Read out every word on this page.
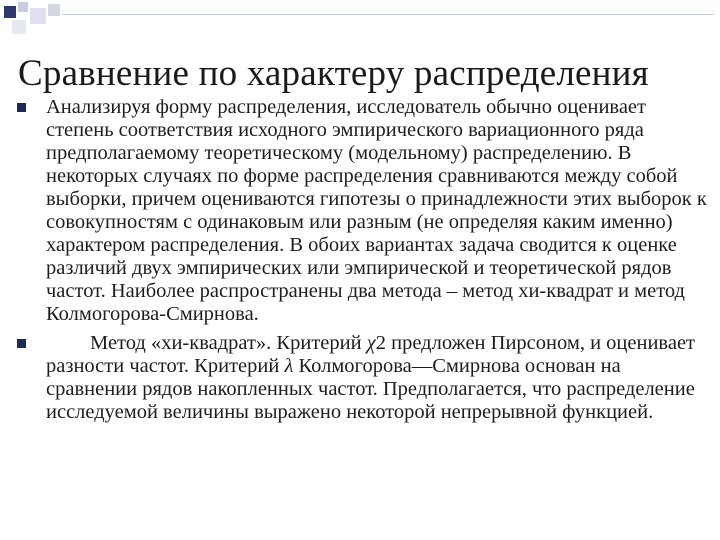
Сравнение по характеру распределения
Анализируя форму распределения, исследователь обычно оценивает степень соответствия исходного эмпирического вариационного ряда предполагаемому теоретическому (модельному) распределению. В некоторых случаях по форме распределения сравниваются между собой выборки, причем оцениваются гипотезы о принадлежности этих выборок к совокупностям с одинаковым или разным (не определяя каким именно) характером распределения. В обоих вариантах задача сводится к оценке различий двух эмпирических или эмпирической и теоретической рядов частот. Наиболее распространены два метода – метод хи-квадрат и метод Колмогорова-Смирнова.
Метод «хи-квадрат». Критерий χ2 предложен Пирсоном, и оценивает разности частот. Критерий λ Колмогорова—Смирнова основан на сравнении рядов накопленных частот. Предполагается, что распределение исследуемой величины выражено некоторой непрерывной функцией.
